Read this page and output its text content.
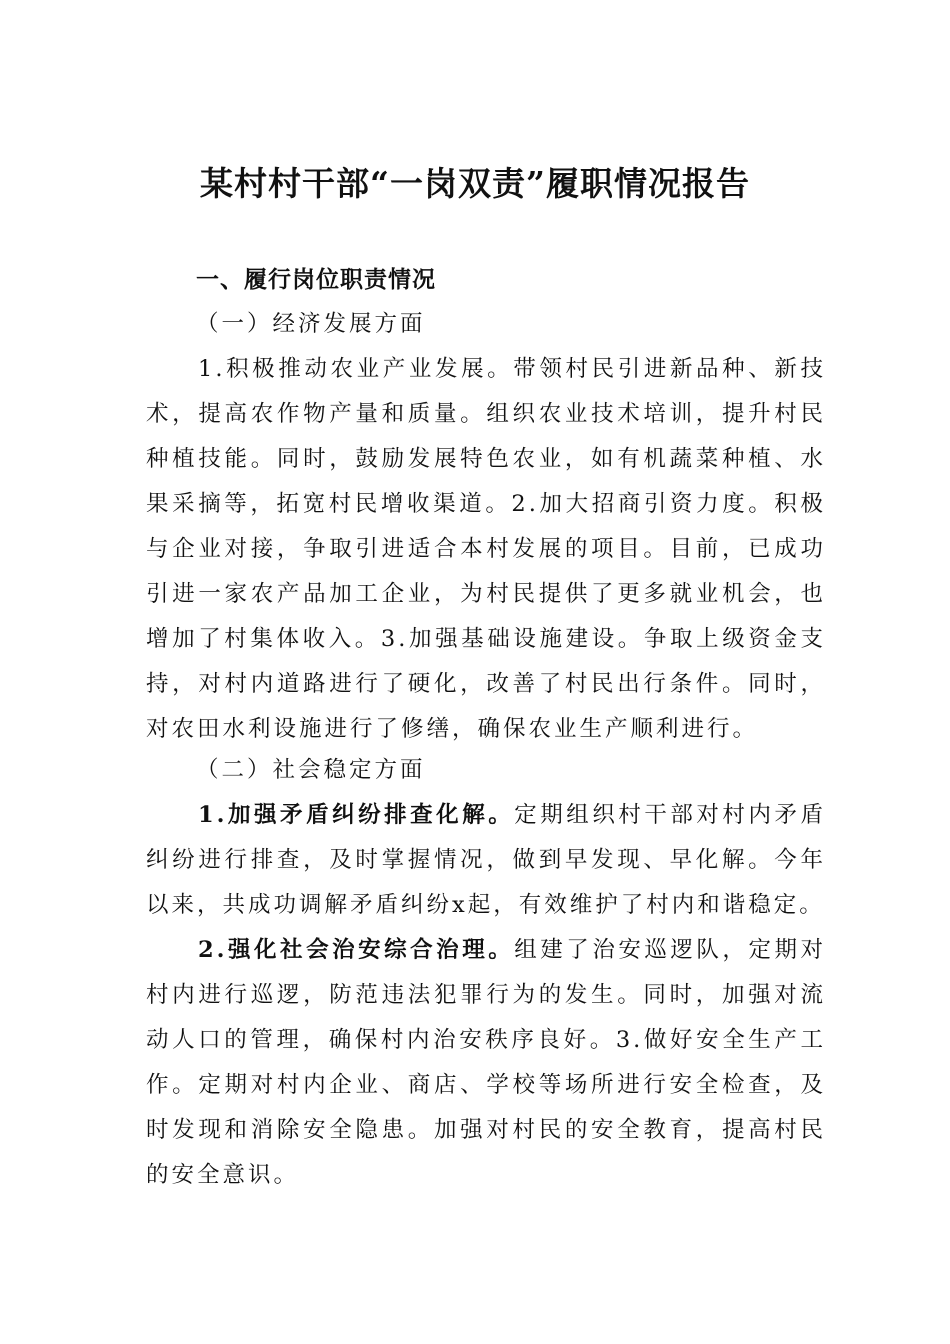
某村村干部“一岗双责”履职情况报告
一、履行岗位职责情况
（一）经济发展方面
1.积极推动农业产业发展。带领村民引进新品种、新技术，提高农作物产量和质量。组织农业技术培训，提升村民种植技能。同时，鼓励发展特色农业，如有机蔬菜种植、水果采摘等，拓宽村民增收渠道。2.加大招商引资力度。积极与企业对接，争取引进适合本村发展的项目。目前，已成功引进一家农产品加工企业，为村民提供了更多就业机会，也增加了村集体收入。3.加强基础设施建设。争取上级资金支持，对村内道路进行了硬化，改善了村民出行条件。同时，对农田水利设施进行了修缮，确保农业生产顺利进行。
（二）社会稳定方面
1.加强矛盾纠纷排查化解。定期组织村干部对村内矛盾纠纷进行排查，及时掌握情况，做到早发现、早化解。今年以来，共成功调解矛盾纠纷x起，有效维护了村内和谐稳定。
2.强化社会治安综合治理。组建了治安巡逻队，定期对村内进行巡逻，防范违法犯罪行为的发生。同时，加强对流动人口的管理，确保村内治安秩序良好。3.做好安全生产工作。定期对村内企业、商店、学校等场所进行安全检查，及时发现和消除安全隐患。加强对村民的安全教育，提高村民的安全意识。
